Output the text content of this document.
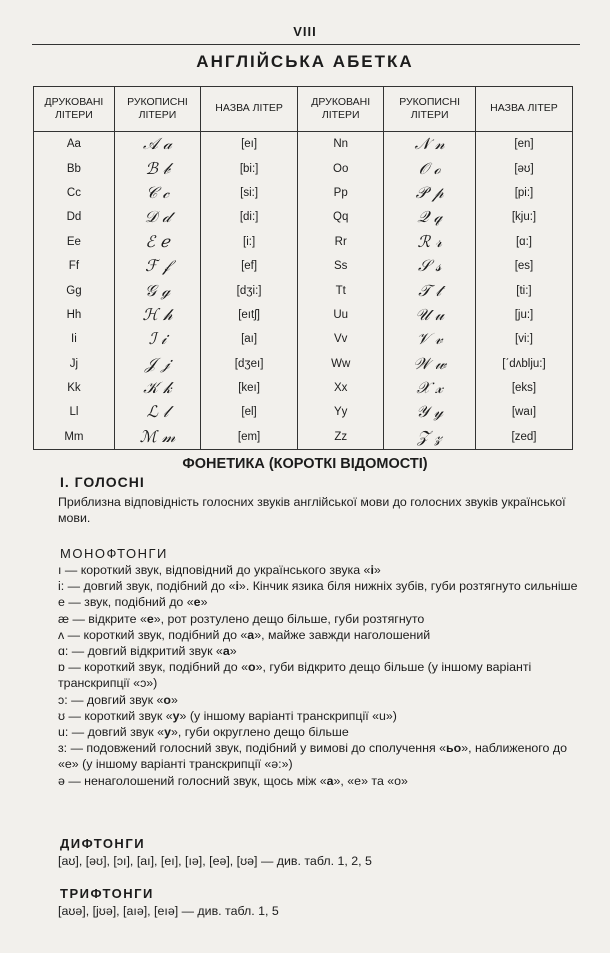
VIII
АНГЛІЙСЬКА АБЕТКА
ДРУКОВАНІ ЛІТЕРИ	РУКОПИСНІ ЛІТЕРИ	НАЗВА ЛІТЕР	ДРУКОВАНІ ЛІТЕРИ	РУКОПИСНІ ЛІТЕРИ	НАЗВА ЛІТЕР
Aa	𝒜 𝒶	[eı]	Nn	𝒩 𝓃	[en]
Bb	ℬ 𝒷	[bi:]	Oo	𝒪 ℴ	[əʊ]
Cc	𝒞 𝒸	[si:]	Pp	𝒫 𝓅	[pi:]
Dd	𝒟 𝒹	[di:]	Qq	𝒬 𝓆	[kju:]
Ee	ℰ ℯ	[i:]	Rr	ℛ 𝓇	[ɑ:]
Ff	ℱ 𝒻	[ef]	Ss	𝒮 𝓈	[es]
Gg	𝒢 ℊ	[dʒi:]	Tt	𝒯 𝓉	[ti:]
Hh	ℋ 𝒽	[eıtʃ]	Uu	𝒰 𝓊	[ju:]
Ii	ℐ 𝒾	[aı]	Vv	𝒱 𝓋	[vi:]
Jj	𝒥 𝒿	[dʒeı]	Ww	𝒲 𝓌	[ˊdʌblju:]
Kk	𝒦 𝓀	[keı]	Xx	𝒳 𝓍	[eks]
Ll	ℒ 𝓁	[el]	Yy	𝒴 𝓎	[waı]
Mm	ℳ 𝓂	[em]	Zz	𝒵 𝓏	[zed]
ФОНЕТИКА (КОРОТКІ ВІДОМОСТІ)
І. ГОЛОСНІ
Приблизна відповідність голосних звуків англійської мови до голосних звуків української мови.
МОНОФТОНГИ

ı — короткий звук, відповідний до українського звука «і»

i: — довгий звук, подібний до «і». Кінчик язика біля нижніх зубів, губи розтягнуто сильніше

e — звук, подібний до «е»

æ — відкрите «е», рот розтулено дещо більше, губи розтягнуто

ʌ — короткий звук, подібний до «а», майже завжди наголошений

ɑ: — довгий відкритий звук «а»

ɒ — короткий звук, подібний до «о», губи відкрито дещо більше (у іншому варіанті транскрипції «ɔ»)

ɔ: — довгий звук «о»

ʊ — короткий звук «у» (у іншому варіанті транскрипції «u»)

u: — довгий звук «у», губи округлено дещо більше

ɜ: — подовжений голосний звук, подібний у вимові до сполучення «ьо», наближеного до «е» (у іншому варіанті транскрипції «ə:»)

ə — ненаголошений голосний звук, щось між «а», «е» та «о»

ДИФТОНГИ
[aʊ], [əʊ], [ɔı], [aı], [eı], [ıə], [eə], [ʊə] — див. табл. 1, 2, 5
ТРИФТОНГИ
[aʊə], [jʊə], [aıə], [eıə] — див. табл. 1, 5
